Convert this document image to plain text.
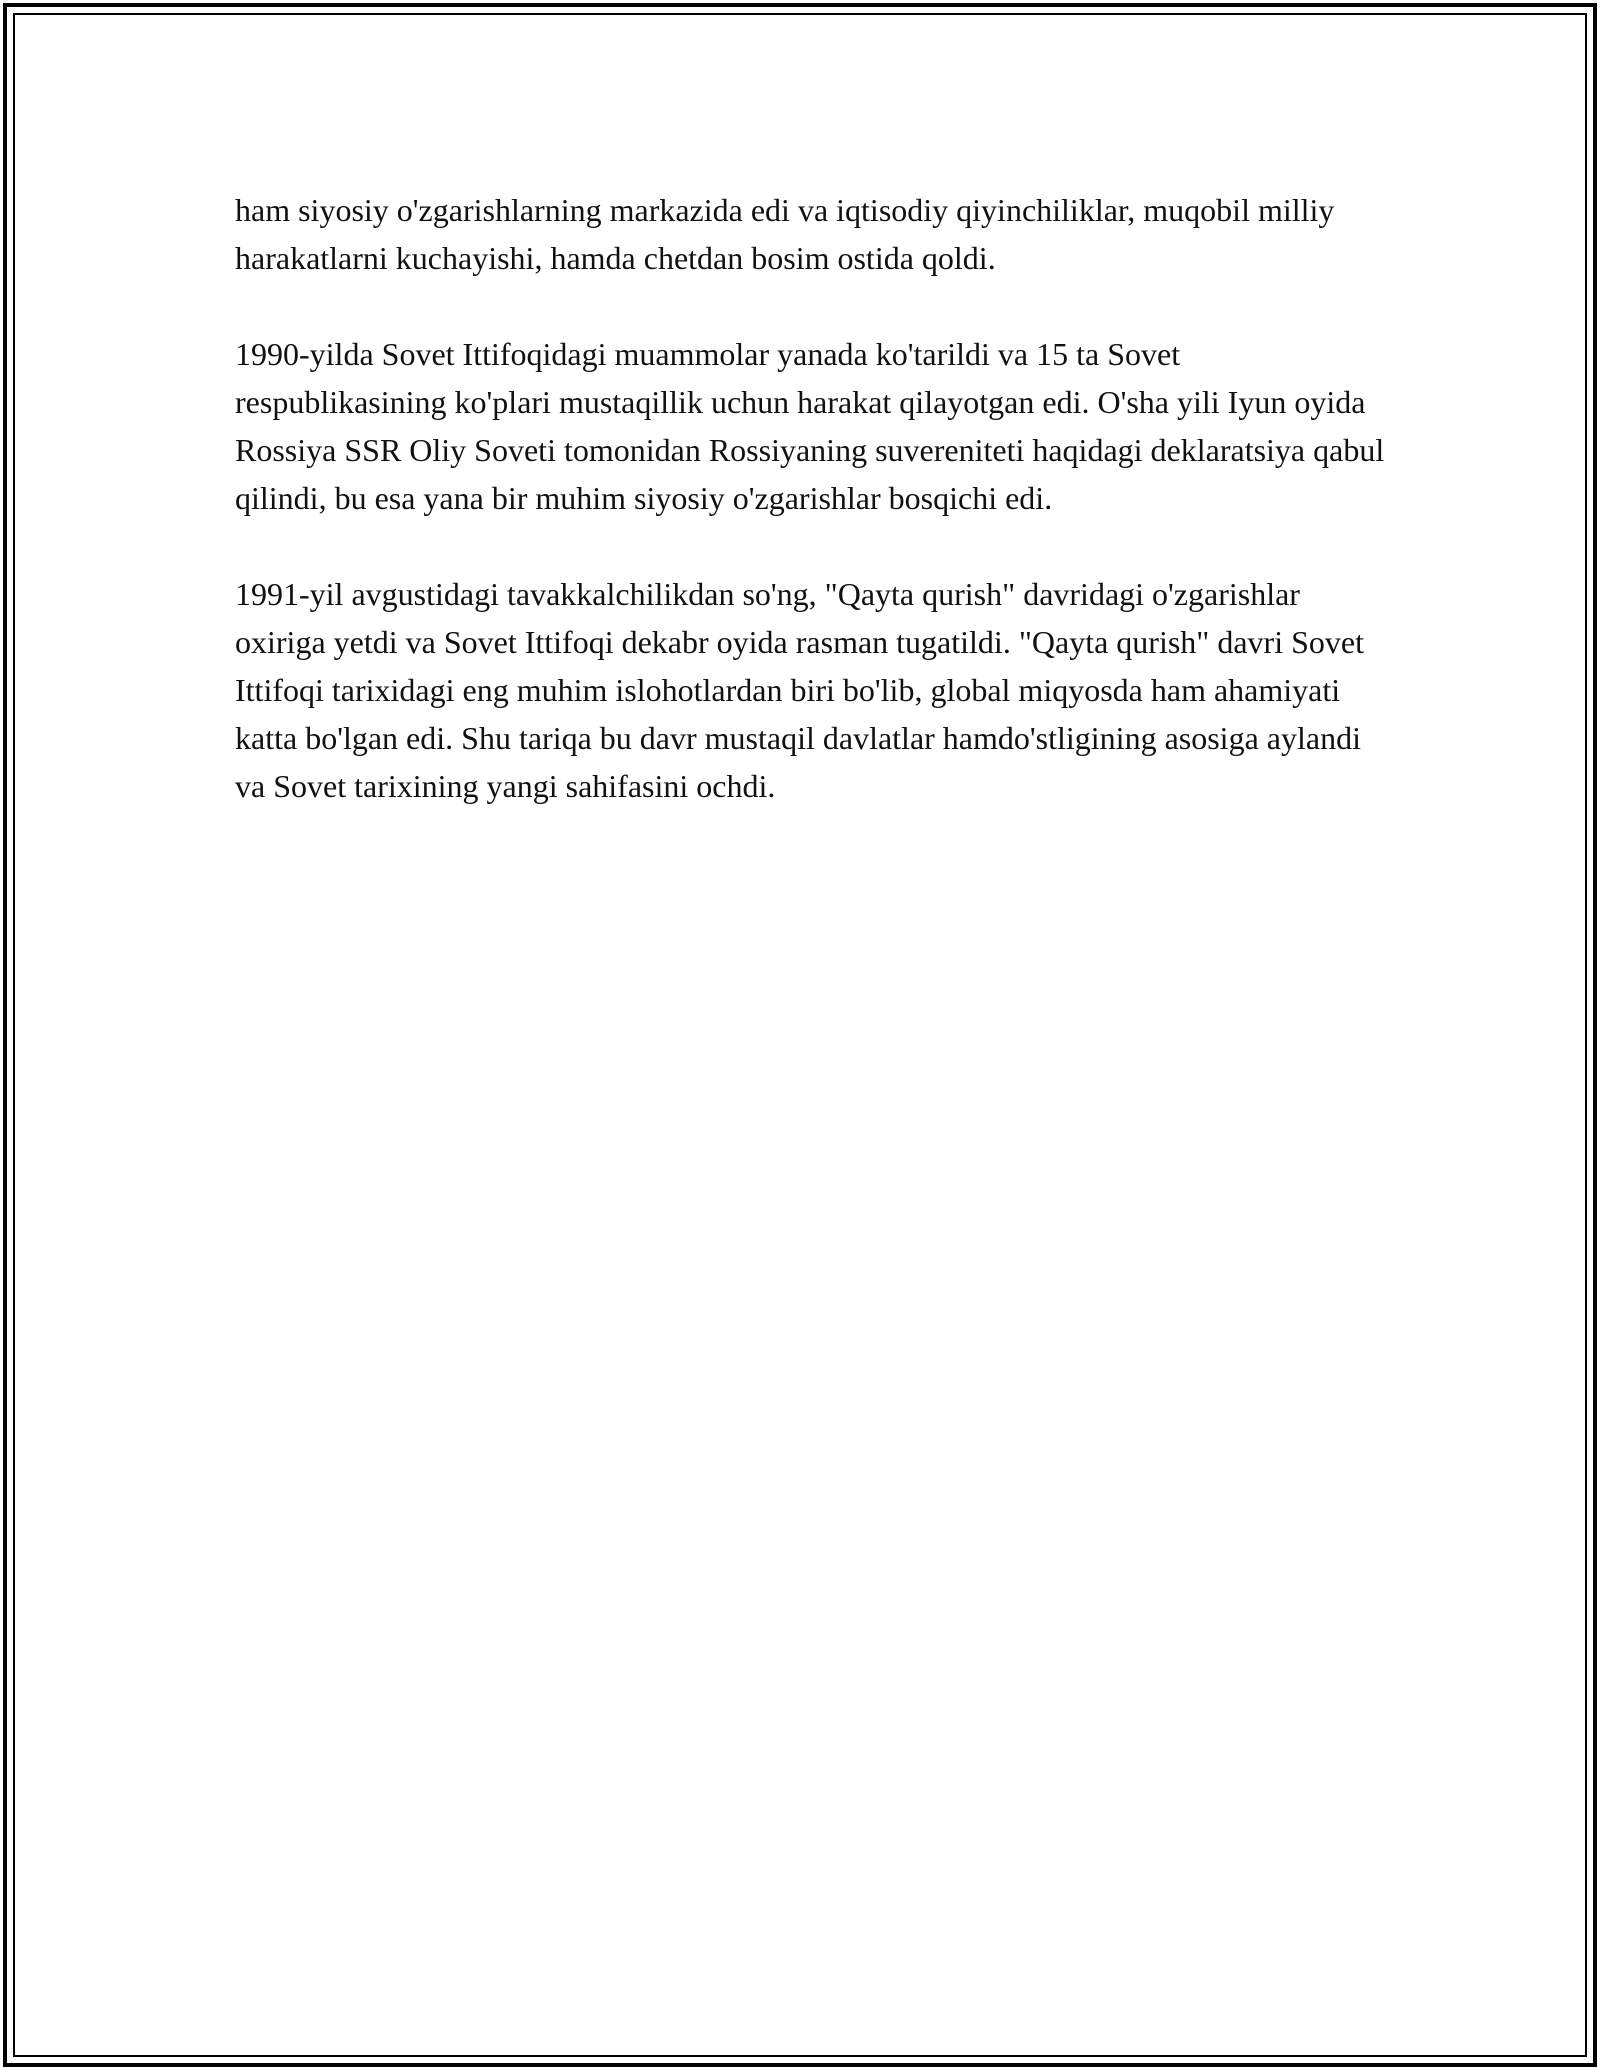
ham siyosiy o'zgarishlarning markazida edi va iqtisodiy qiyinchiliklar, muqobil milliy harakatlarni kuchayishi, hamda chetdan bosim ostida qoldi.

1990-yilda Sovet Ittifoqidagi muammolar yanada ko'tarildi va 15 ta Sovet respublikasining ko'plari mustaqillik uchun harakat qilayotgan edi. O'sha yili Iyun oyida Rossiya SSR Oliy Soveti tomonidan Rossiyaning suvereniteti haqidagi deklaratsiya qabul qilindi, bu esa yana bir muhim siyosiy o'zgarishlar bosqichi edi.

1991-yil avgustidagi tavakkalchilikdan so'ng, "Qayta qurish" davridagi o'zgarishlar oxiriga yetdi va Sovet Ittifoqi dekabr oyida rasman tugatildi. "Qayta qurish" davri Sovet Ittifoqi tarixidagi eng muhim islohotlardan biri bo'lib, global miqyosda ham ahamiyati katta bo'lgan edi. Shu tariqa bu davr mustaqil davlatlar hamdo'stligining asosiga aylandi va Sovet tarixining yangi sahifasini ochdi.
